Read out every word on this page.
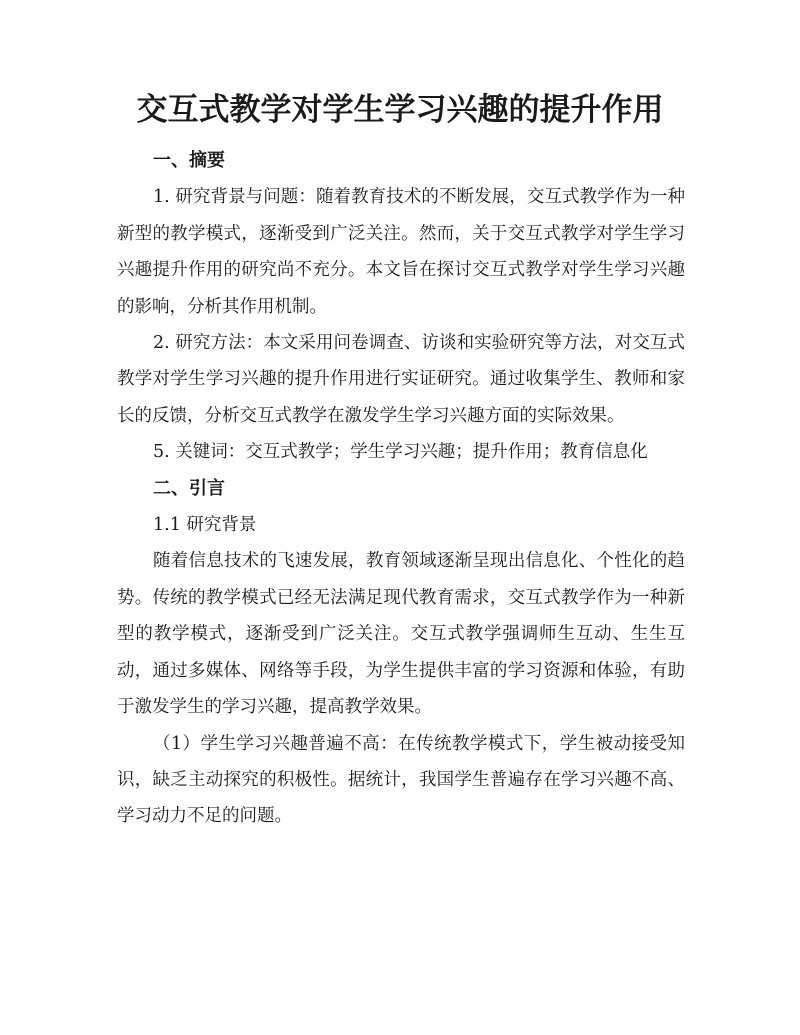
交互式教学对学生学习兴趣的提升作用

一、摘要

1. 研究背景与问题：随着教育技术的不断发展，交互式教学作为一种新型的教学模式，逐渐受到广泛关注。然而，关于交互式教学对学生学习兴趣提升作用的研究尚不充分。本文旨在探讨交互式教学对学生学习兴趣的影响，分析其作用机制。

2. 研究方法：本文采用问卷调查、访谈和实验研究等方法，对交互式教学对学生学习兴趣的提升作用进行实证研究。通过收集学生、教师和家长的反馈，分析交互式教学在激发学生学习兴趣方面的实际效果。

5. 关键词：交互式教学；学生学习兴趣；提升作用；教育信息化

二、引言

1.1 研究背景

随着信息技术的飞速发展，教育领域逐渐呈现出信息化、个性化的趋势。传统的教学模式已经无法满足现代教育需求，交互式教学作为一种新型的教学模式，逐渐受到广泛关注。交互式教学强调师生互动、生生互动，通过多媒体、网络等手段，为学生提供丰富的学习资源和体验，有助于激发学生的学习兴趣，提高教学效果。

（1）学生学习兴趣普遍不高：在传统教学模式下，学生被动接受知识，缺乏主动探究的积极性。据统计，我国学生普遍存在学习兴趣不高、学习动力不足的问题。
